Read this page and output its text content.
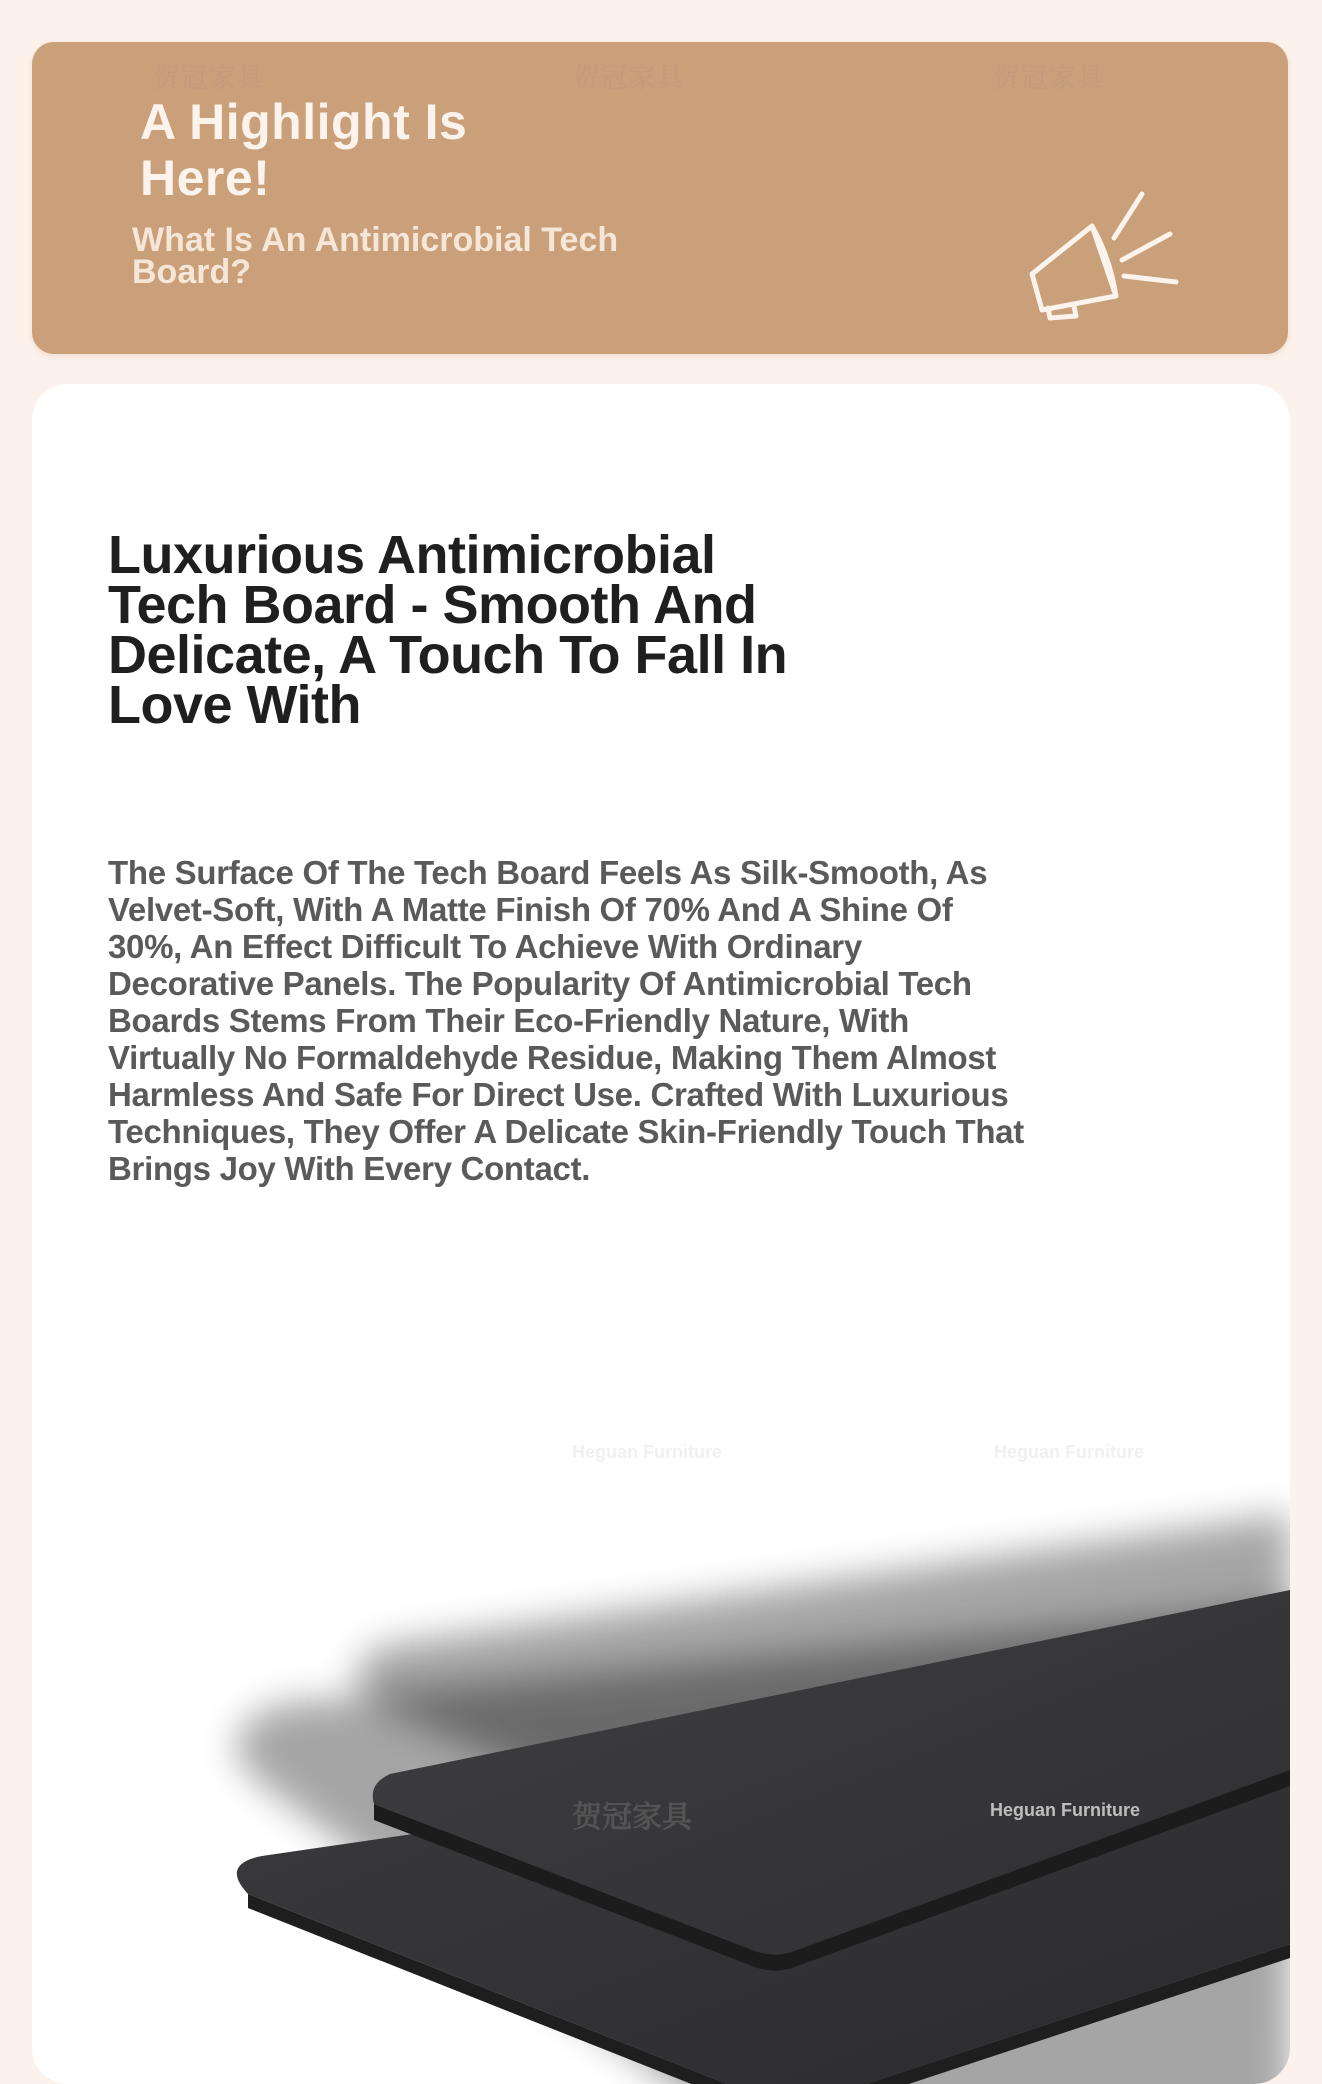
贺冠家具	贺冠家具	贺冠家具
A Highlight Is Here!
What Is An Antimicrobial Tech Board?
Luxurious Antimicrobial Tech Board - Smooth And Delicate, A Touch To Fall In Love With
The Surface Of The Tech Board Feels As Silk-Smooth, As Velvet-Soft, With A Matte Finish Of 70% And A Shine Of 30%, An Effect Difficult To Achieve With Ordinary Decorative Panels. The Popularity Of Antimicrobial Tech Boards Stems From Their Eco-Friendly Nature, With Virtually No Formaldehyde Residue, Making Them Almost Harmless And Safe For Direct Use. Crafted With Luxurious Techniques, They Offer A Delicate Skin-Friendly Touch That Brings Joy With Every Contact.
Heguan Furniture	Heguan Furniture
Heguan Furniture
贺冠家具
